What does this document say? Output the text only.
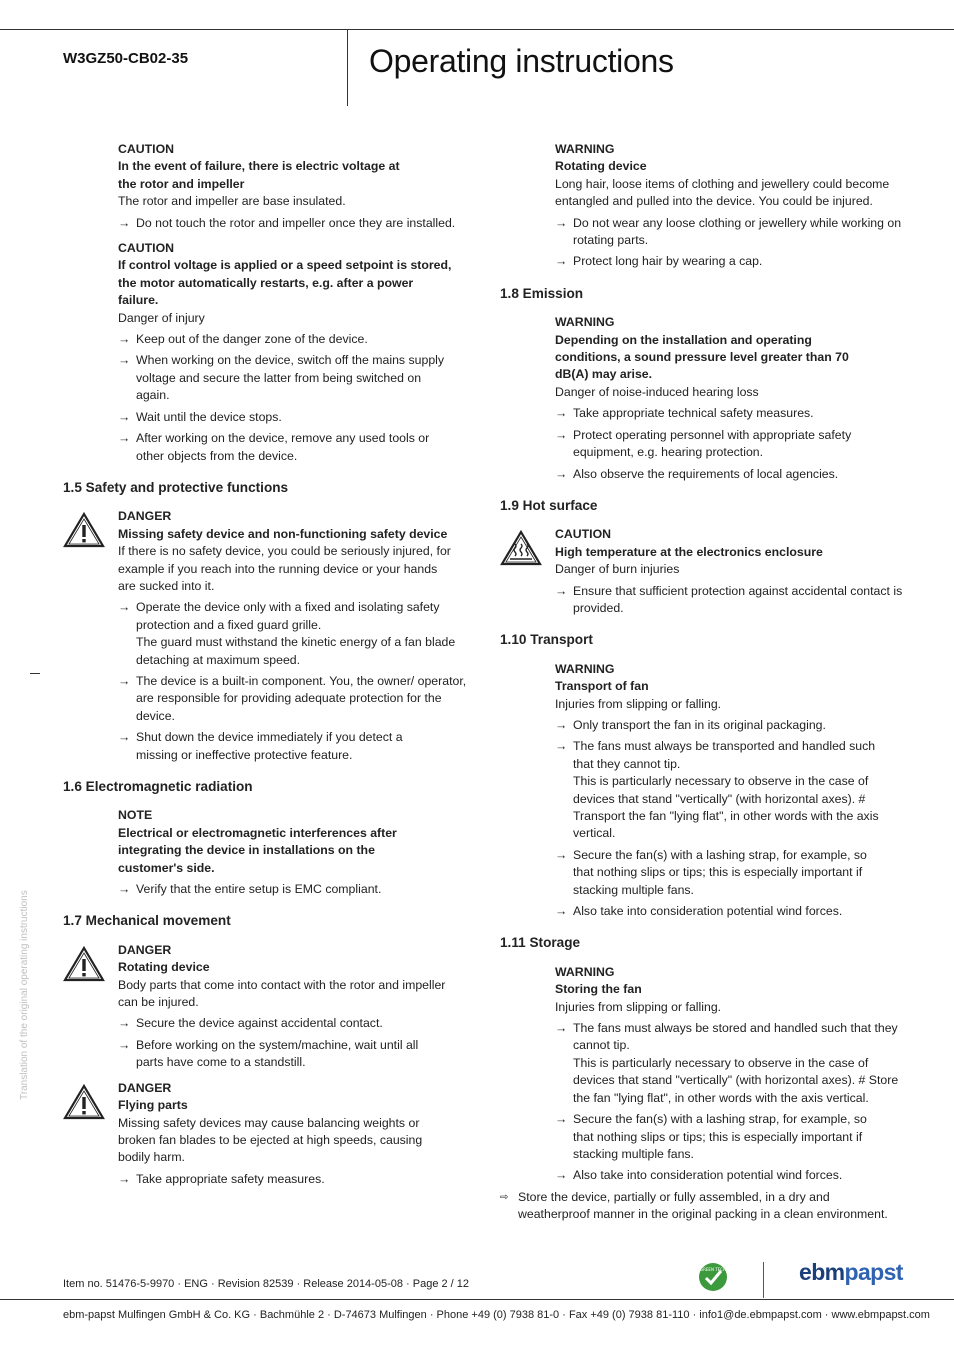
W3GZ50-CB02-35	Operating instructions
Translation of the original operating instructions
CAUTION
In the event of failure, there is electric voltage at the rotor and impeller
The rotor and impeller are base insulated.
→ Do not touch the rotor and impeller once they are installed.
CAUTION
If control voltage is applied or a speed setpoint is stored, the motor automatically restarts, e.g. after a power failure.
Danger of injury
→ Keep out of the danger zone of the device.
→ When working on the device, switch off the mains supply voltage and secure the latter from being switched on again.
→ Wait until the device stops.
→ After working on the device, remove any used tools or other objects from the device.
1.5 Safety and protective functions
DANGER
Missing safety device and non-functioning safety device
If there is no safety device, you could be seriously injured, for example if you reach into the running device or your hands are sucked into it.
→ Operate the device only with a fixed and isolating safety protection and a fixed guard grille.
The guard must withstand the kinetic energy of a fan blade detaching at maximum speed.
→ The device is a built-in component. You, the owner/ operator, are responsible for providing adequate protection for the device.
→ Shut down the device immediately if you detect a missing or ineffective protective feature.
1.6 Electromagnetic radiation
NOTE
Electrical or electromagnetic interferences after integrating the device in installations on the customer's side.
→ Verify that the entire setup is EMC compliant.
1.7 Mechanical movement
DANGER
Rotating device
Body parts that come into contact with the rotor and impeller can be injured.
→ Secure the device against accidental contact.
→ Before working on the system/machine, wait until all parts have come to a standstill.
DANGER
Flying parts
Missing safety devices may cause balancing weights or broken fan blades to be ejected at high speeds, causing bodily harm.
→ Take appropriate safety measures.
WARNING
Rotating device
Long hair, loose items of clothing and jewellery could become entangled and pulled into the device. You could be injured.
→ Do not wear any loose clothing or jewellery while working on rotating parts.
→ Protect long hair by wearing a cap.
1.8 Emission
WARNING
Depending on the installation and operating conditions, a sound pressure level greater than 70 dB(A) may arise.
Danger of noise-induced hearing loss
→ Take appropriate technical safety measures.
→ Protect operating personnel with appropriate safety equipment, e.g. hearing protection.
→ Also observe the requirements of local agencies.
1.9 Hot surface
CAUTION
High temperature at the electronics enclosure
Danger of burn injuries
→ Ensure that sufficient protection against accidental contact is provided.
1.10 Transport
WARNING
Transport of fan
Injuries from slipping or falling.
→ Only transport the fan in its original packaging.
→ The fans must always be transported and handled such that they cannot tip.
This is particularly necessary to observe in the case of devices that stand "vertically" (with horizontal axes). # Transport the fan "lying flat", in other words with the axis vertical.
→ Secure the fan(s) with a lashing strap, for example, so that nothing slips or tips; this is especially important if stacking multiple fans.
→ Also take into consideration potential wind forces.
1.11 Storage
WARNING
Storing the fan
Injuries from slipping or falling.
→ The fans must always be stored and handled such that they cannot tip.
This is particularly necessary to observe in the case of devices that stand "vertically" (with horizontal axes). # Store the fan "lying flat", in other words with the axis vertical.
→ Secure the fan(s) with a lashing strap, for example, so that nothing slips or tips; this is especially important if stacking multiple fans.
→ Also take into consideration potential wind forces.
⇨ Store the device, partially or fully assembled, in a dry and weatherproof manner in the original packing in a clean environment.
Item no. 51476-5-9970 · ENG · Revision 82539 · Release 2014-05-08 · Page 2 / 12
GREEN TECH	ebmpapst
ebm-papst Mulfingen GmbH & Co. KG · Bachmühle 2 · D-74673 Mulfingen · Phone +49 (0) 7938 81-0 · Fax +49 (0) 7938 81-110 · info1@de.ebmpapst.com · www.ebmpapst.com
